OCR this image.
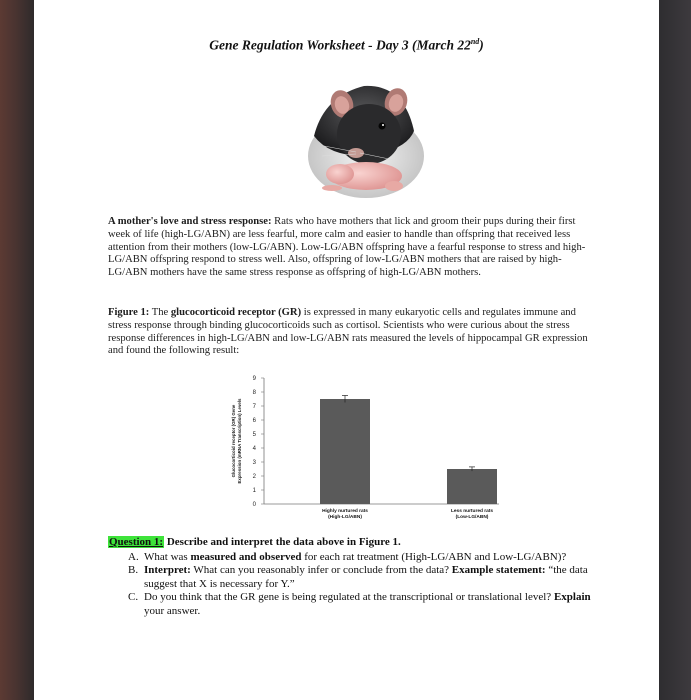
Gene Regulation Worksheet - Day 3 (March 22nd)
A mother's love and stress response: Rats who have mothers that lick and groom their pups during their first week of life (high-LG/ABN) are less fearful, more calm and easier to handle than offspring that received less attention from their mothers (low-LG/ABN). Low-LG/ABN offspring have a fearful response to stress and high-LG/ABN offspring respond to stress well. Also, offspring of low-LG/ABN mothers that are raised by high-LG/ABN mothers have the same stress response as offspring of high-LG/ABN mothers.
Figure 1: The glucocorticoid receptor (GR) is expressed in many eukaryotic cells and regulates immune and stress response through binding glucocorticoids such as cortisol. Scientists who were curious about the stress response differences in high-LG/ABN and low-LG/ABN rats measured the levels of hippocampal GR expression and found the following result:
0
1
2
3
4
5
6
7
8
9
Glucocorticoid receptor (GR) GeneExpression (mRNA Transcription) Levels
Highly nurtured rats
(High-LG/ABN)
Less nurtured rats
(Low-LG/ABN)
Question 1: Describe and interpret the data above in Figure 1.
A. What was measured and observed for each rat treatment (High-LG/ABN and Low-LG/ABN)?
B. Interpret: What can you reasonably infer or conclude from the data? Example statement: “the data suggest that X is necessary for Y.”
C. Do you think that the GR gene is being regulated at the transcriptional or translational level? Explain your answer.
